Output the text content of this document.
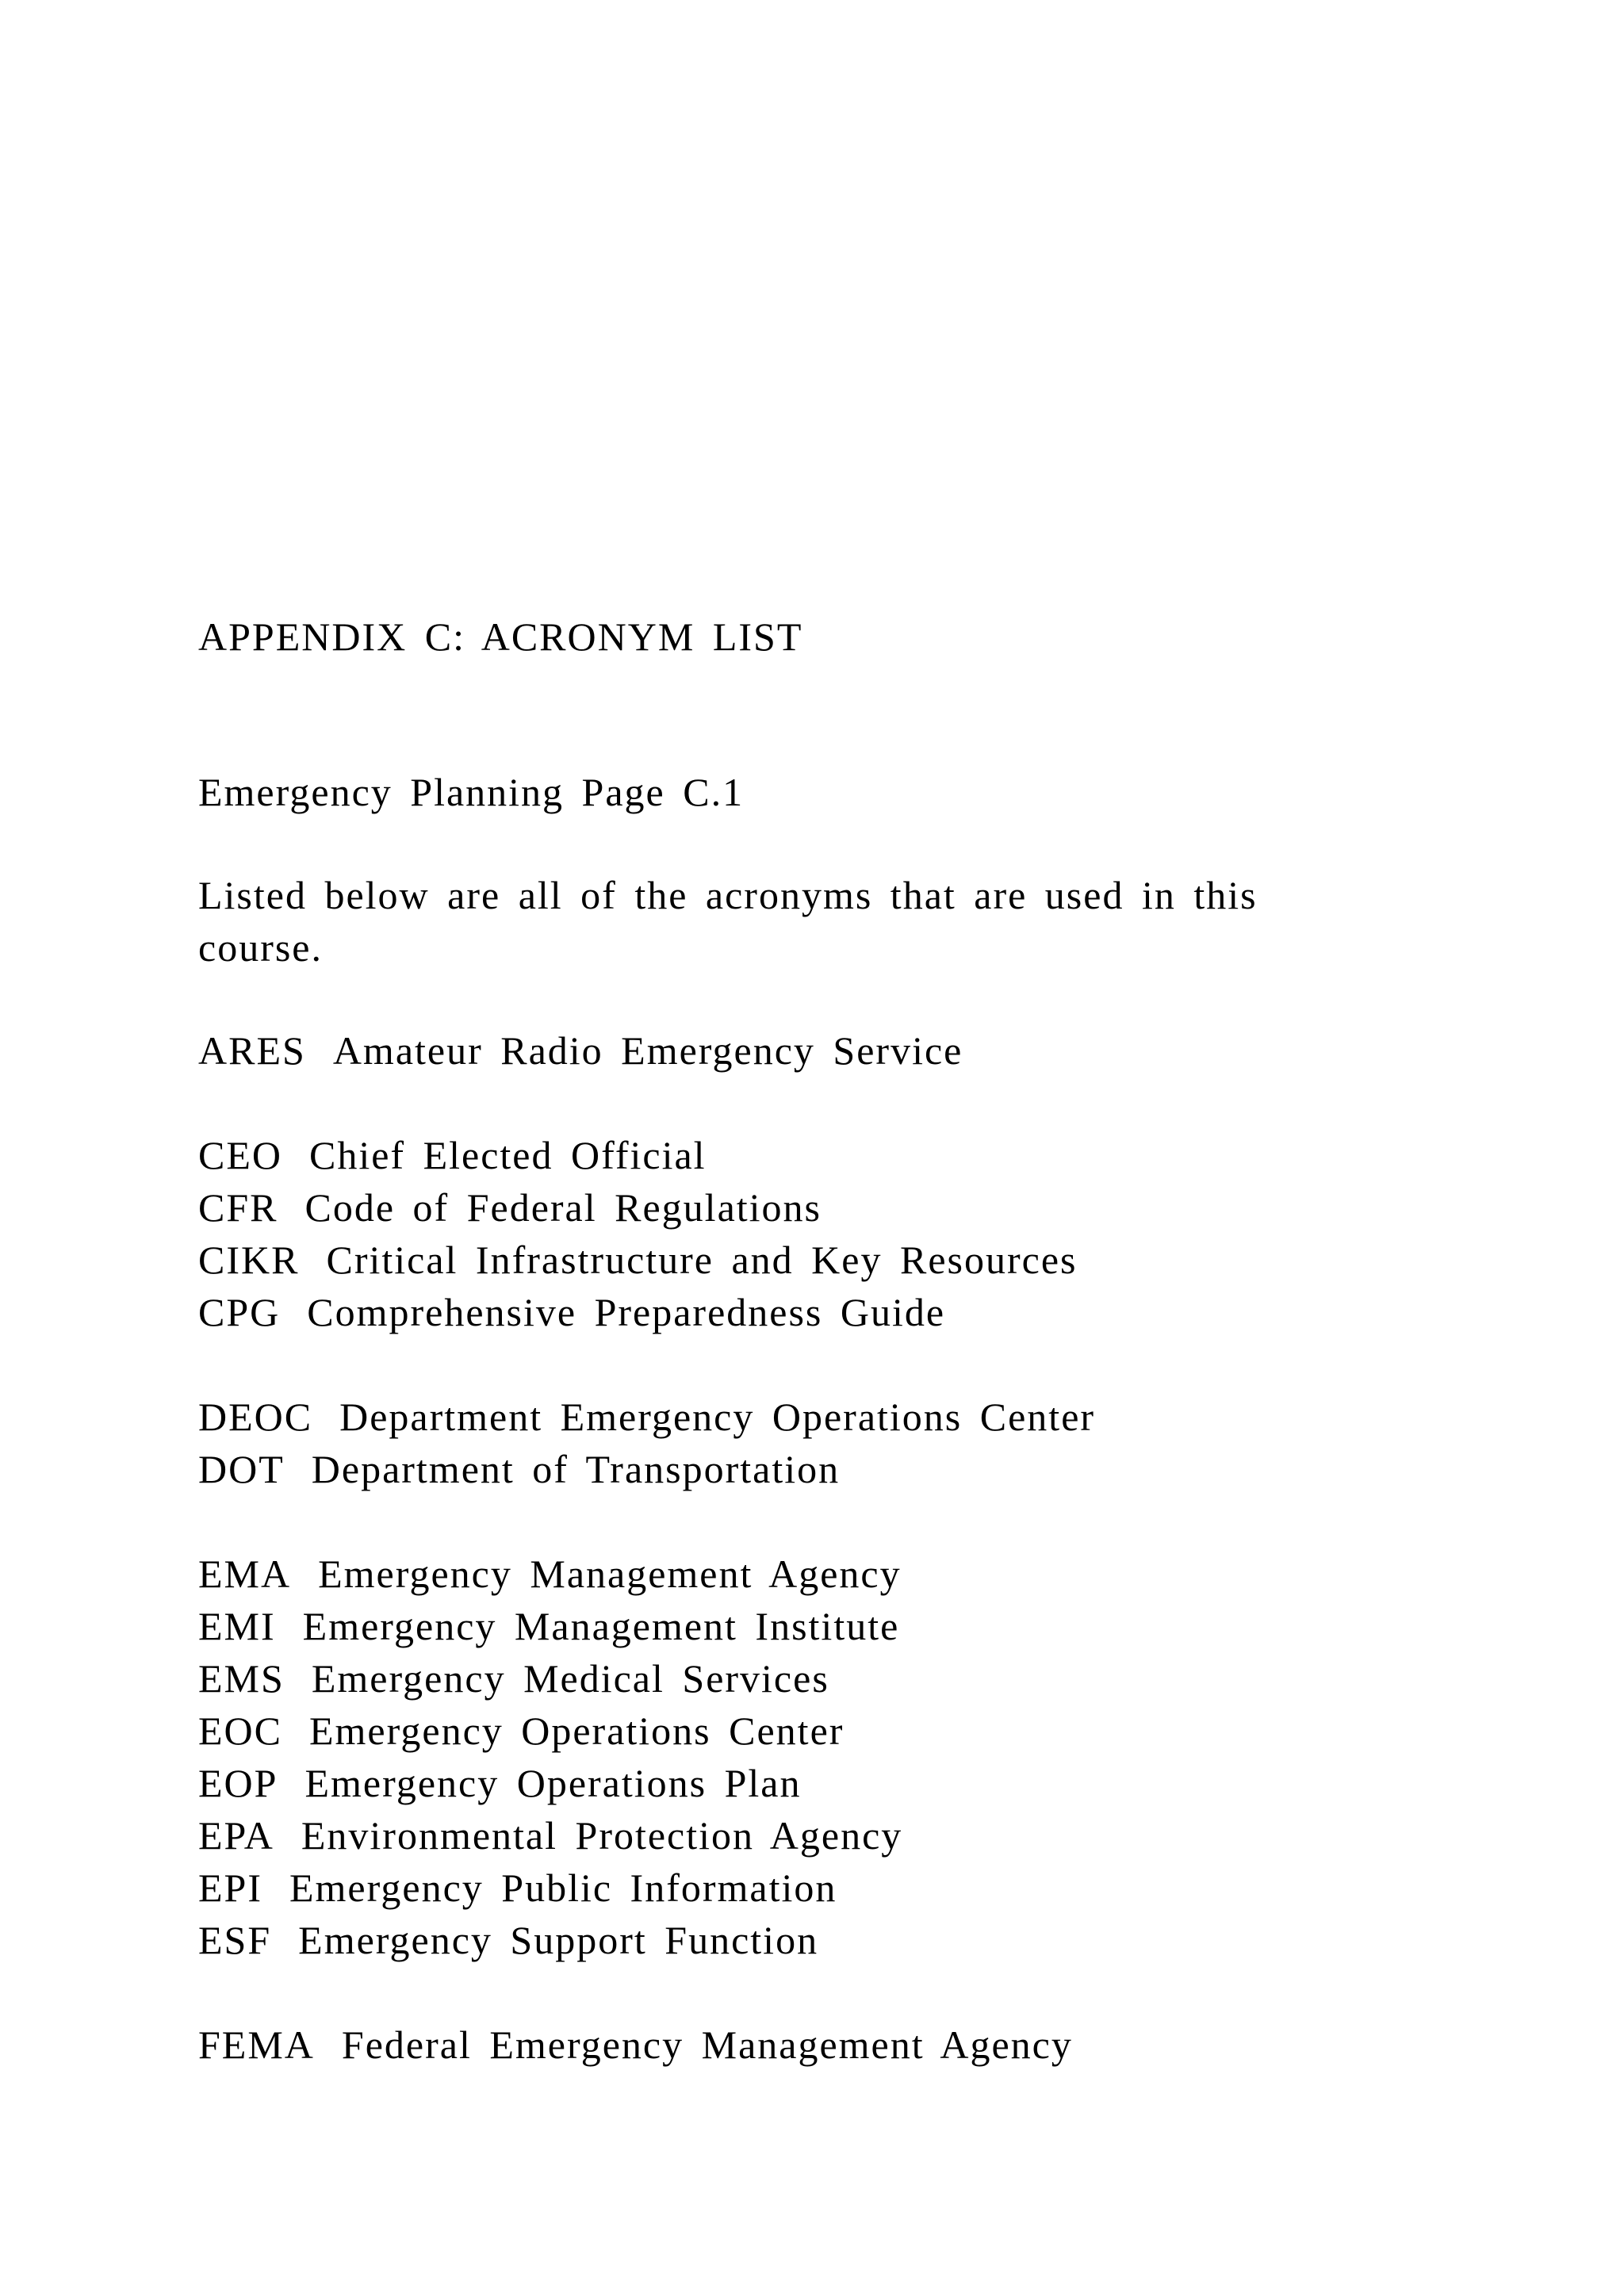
APPENDIX C: ACRONYM LIST
Emergency Planning Page C.1
Listed below are all of the acronyms that are used in this course.
ARES Amateur Radio Emergency Service
CEO Chief Elected Official
CFR Code of Federal Regulations
CIKR Critical Infrastructure and Key Resources
CPG Comprehensive Preparedness Guide
DEOC Department Emergency Operations Center
DOT Department of Transportation
EMA Emergency Management Agency
EMI Emergency Management Institute
EMS Emergency Medical Services
EOC Emergency Operations Center
EOP Emergency Operations Plan
EPA Environmental Protection Agency
EPI Emergency Public Information
ESF Emergency Support Function
FEMA Federal Emergency Management Agency
